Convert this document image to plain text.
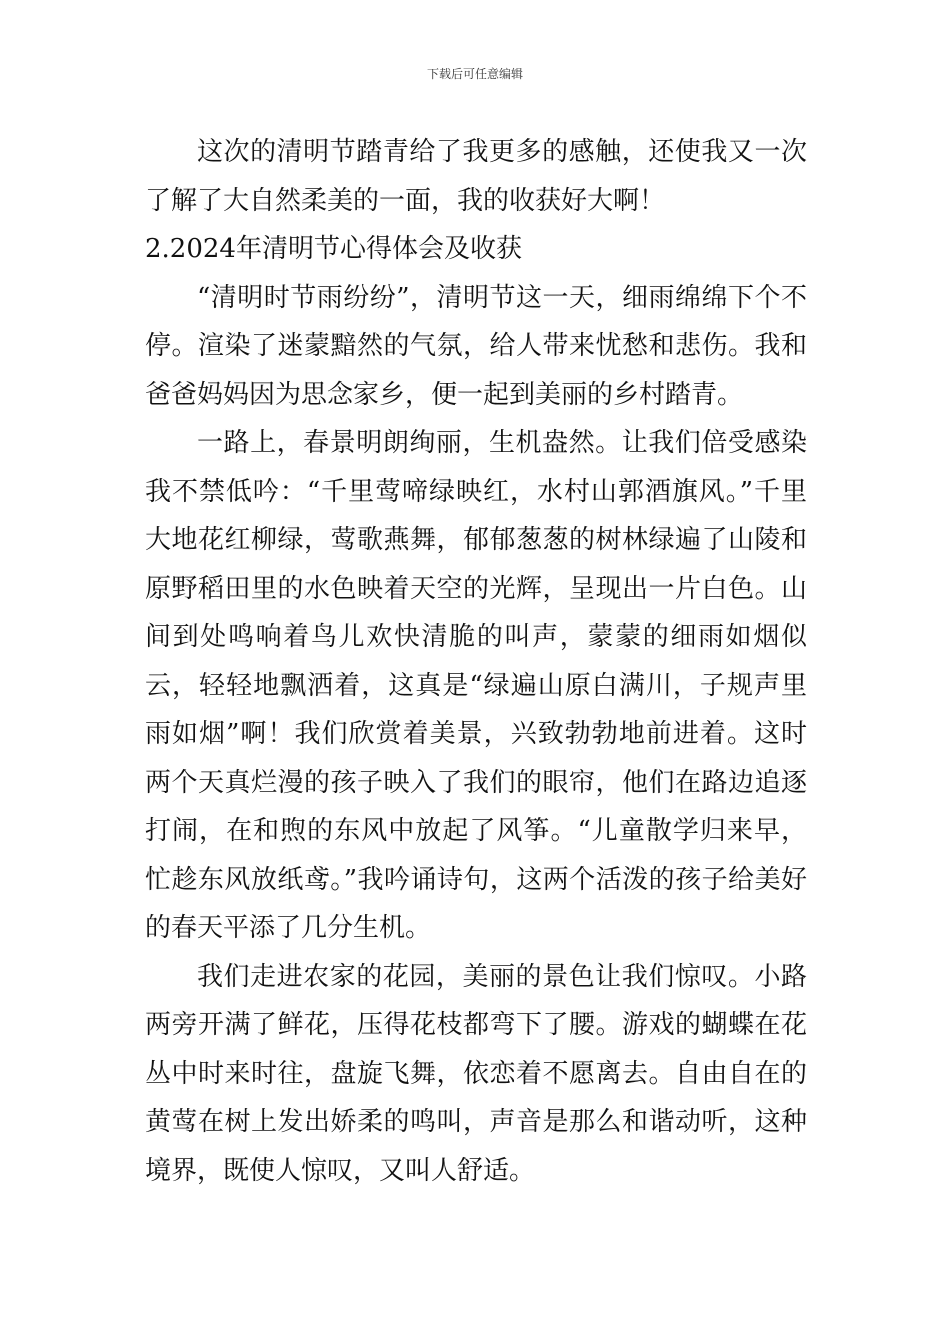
下载后可任意编辑

这次的清明节踏青给了我更多的感触，还使我又一次了解了大自然柔美的一面，我的收获好大啊！

2.2024年清明节心得体会及收获

“清明时节雨纷纷”，清明节这一天，细雨绵绵下个不停。渲染了迷蒙黯然的气氛，给人带来忧愁和悲伤。我和爸爸妈妈因为思念家乡，便一起到美丽的乡村踏青。

一路上，春景明朗绚丽，生机盎然。让我们倍受感染我不禁低吟：“千里莺啼绿映红，水村山郭酒旗风。”千里大地花红柳绿，莺歌燕舞，郁郁葱葱的树林绿遍了山陵和原野稻田里的水色映着天空的光辉，呈现出一片白色。山间到处鸣响着鸟儿欢快清脆的叫声，蒙蒙的细雨如烟似云，轻轻地飘洒着，这真是“绿遍山原白满川，子规声里雨如烟”啊！我们欣赏着美景，兴致勃勃地前进着。这时两个天真烂漫的孩子映入了我们的眼帘，他们在路边追逐打闹，在和煦的东风中放起了风筝。“儿童散学归来早，忙趁东风放纸鸢。”我吟诵诗句，这两个活泼的孩子给美好的春天平添了几分生机。

我们走进农家的花园，美丽的景色让我们惊叹。小路两旁开满了鲜花，压得花枝都弯下了腰。游戏的蝴蝶在花丛中时来时往，盘旋飞舞，依恋着不愿离去。自由自在的黄莺在树上发出娇柔的鸣叫，声音是那么和谐动听，这种境界，既使人惊叹，又叫人舒适。
